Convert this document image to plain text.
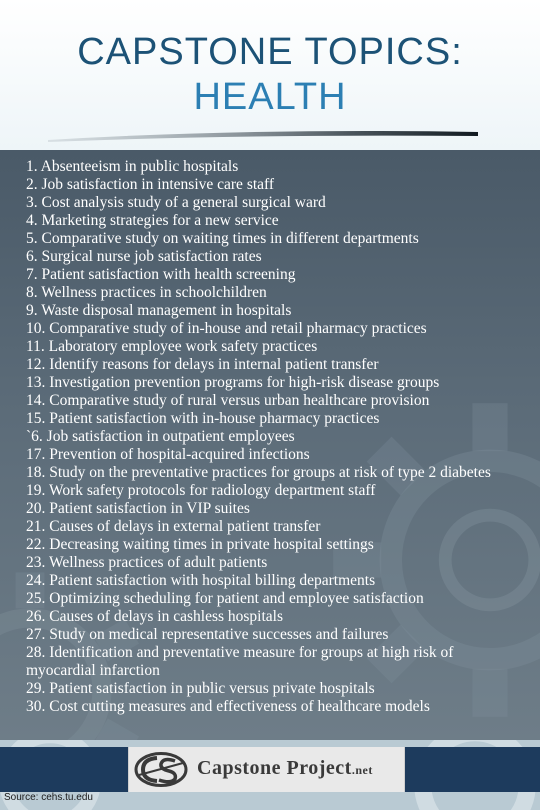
CAPSTONE TOPICS:
HEALTH
1. Absenteeism in public hospitals
2. Job satisfaction in intensive care staff
3. Cost analysis study of a general surgical ward
4. Marketing strategies for a new service
5. Comparative study on waiting times in different departments
6. Surgical nurse job satisfaction rates
7. Patient satisfaction with health screening
8. Wellness practices in schoolchildren
9. Waste disposal management in hospitals
10. Comparative study of in-house and retail pharmacy practices
11. Laboratory employee work safety practices
12. Identify reasons for delays in internal patient transfer
13. Investigation prevention programs for high-risk disease groups
14. Comparative study of rural versus urban healthcare provision
15. Patient satisfaction with in-house pharmacy practices
`6. Job satisfaction in outpatient employees
17. Prevention of hospital-acquired infections
18. Study on the preventative practices for groups at risk of type 2 diabetes
19. Work safety protocols for radiology department staff
20. Patient satisfaction in VIP suites
21. Causes of delays in external patient transfer
22. Decreasing waiting times in private hospital settings
23. Wellness practices of adult patients
24. Patient satisfaction with hospital billing departments
25. Optimizing scheduling for patient and employee satisfaction
26. Causes of delays in cashless hospitals
27. Study on medical representative successes and failures
28. Identification and preventative measure for groups at high risk of myocardial infarction
29. Patient satisfaction in public versus private hospitals
30. Cost cutting measures and effectiveness of healthcare models
Capstone Project.net
Source: cehs.tu.edu
